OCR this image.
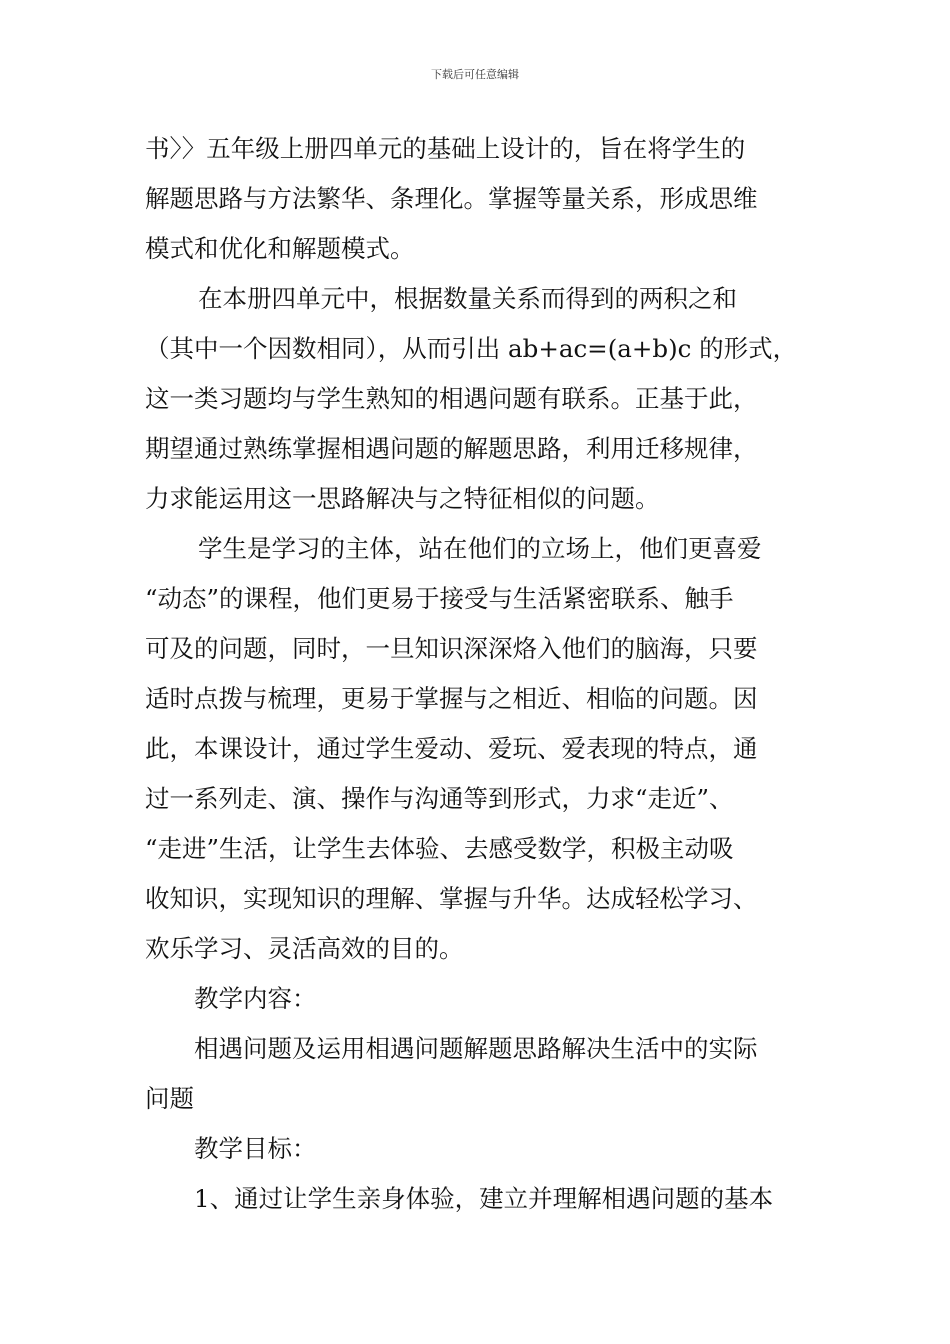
下载后可任意编辑
书〉〉五年级上册四单元的基础上设计的，旨在将学生的
解题思路与方法繁华、条理化。掌握等量关系，形成思维
模式和优化和解题模式。
在本册四单元中，根据数量关系而得到的两积之和
（其中一个因数相同），从而引出 ab+ac=(a+b)c 的形式，
这一类习题均与学生熟知的相遇问题有联系。正基于此，
期望通过熟练掌握相遇问题的解题思路，利用迁移规律，
力求能运用这一思路解决与之特征相似的问题。
学生是学习的主体，站在他们的立场上，他们更喜爱
“动态”的课程，他们更易于接受与生活紧密联系、触手
可及的问题，同时，一旦知识深深烙入他们的脑海，只要
适时点拨与梳理，更易于掌握与之相近、相临的问题。因
此，本课设计，通过学生爱动、爱玩、爱表现的特点，通
过一系列走、演、操作与沟通等到形式，力求“走近”、
“走进”生活，让学生去体验、去感受数学，积极主动吸
收知识，实现知识的理解、掌握与升华。达成轻松学习、
欢乐学习、灵活高效的目的。
教学内容：
相遇问题及运用相遇问题解题思路解决生活中的实际
问题
教学目标：
1、通过让学生亲身体验，建立并理解相遇问题的基本
